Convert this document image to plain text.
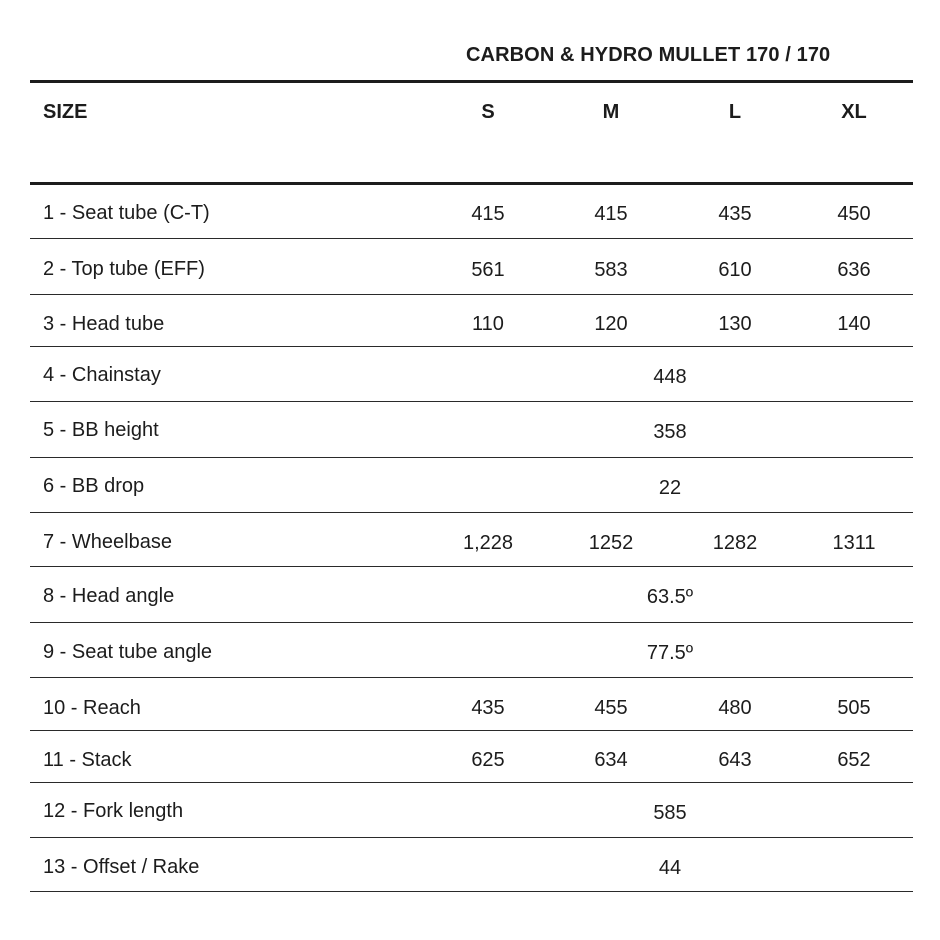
CARBON & HYDRO MULLET 170 / 170
SIZE	S	M	L	XL
1 - Seat tube (C-T)	415	415	435	450
2 - Top tube (EFF)	561	583	610	636
3 - Head tube	110	120	130	140
4 - Chainstay	448
5 - BB height	358
6 - BB drop	22
7 - Wheelbase	1,228	1252	1282	1311
8 - Head angle	63.5º
9 - Seat tube angle	77.5º
10 - Reach	435	455	480	505
11 - Stack	625	634	643	652
12 - Fork length	585
13 - Offset / Rake	44
